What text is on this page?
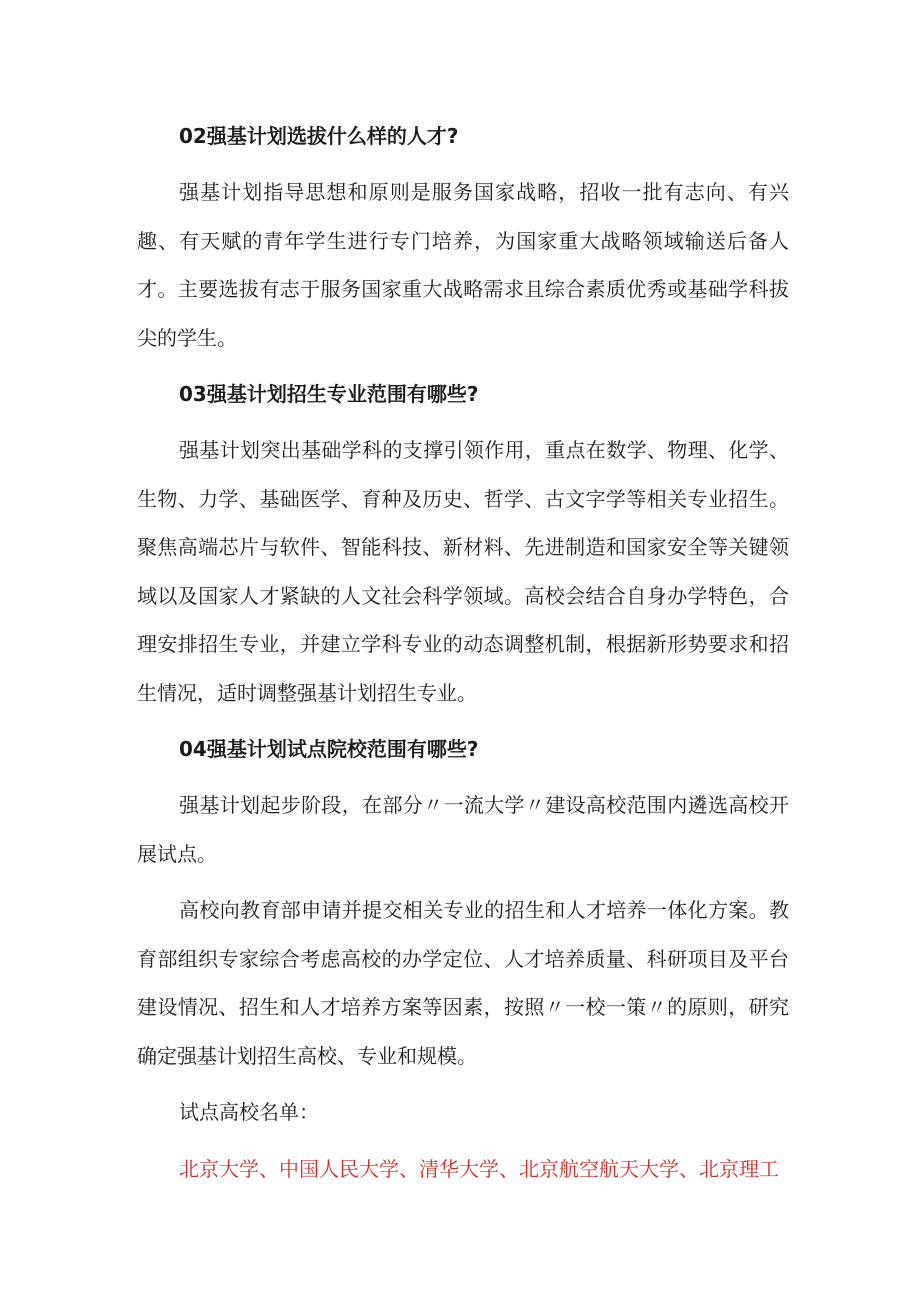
02强基计划选拔什么样的人才?

强基计划指导思想和原则是服务国家战略，招收一批有志向、有兴趣、有天赋的青年学生进行专门培养，为国家重大战略领域输送后备人才。主要选拔有志于服务国家重大战略需求且综合素质优秀或基础学科拔尖的学生。

03强基计划招生专业范围有哪些?

强基计划突出基础学科的支撑引领作用，重点在数学、物理、化学、生物、力学、基础医学、育种及历史、哲学、古文字学等相关专业招生。聚焦高端芯片与软件、智能科技、新材料、先进制造和国家安全等关键领域以及国家人才紧缺的人文社会科学领域。高校会结合自身办学特色，合理安排招生专业，并建立学科专业的动态调整机制，根据新形势要求和招生情况，适时调整强基计划招生专业。

04强基计划试点院校范围有哪些?

强基计划起步阶段，在部分〃一流大学〃建设高校范围内遴选高校开展试点。

高校向教育部申请并提交相关专业的招生和人才培养一体化方案。教育部组织专家综合考虑高校的办学定位、人才培养质量、科研项目及平台建设情况、招生和人才培养方案等因素，按照〃一校一策〃的原则，研究确定强基计划招生高校、专业和规模。

试点高校名单：

北京大学、中国人民大学、清华大学、北京航空航天大学、北京理工
